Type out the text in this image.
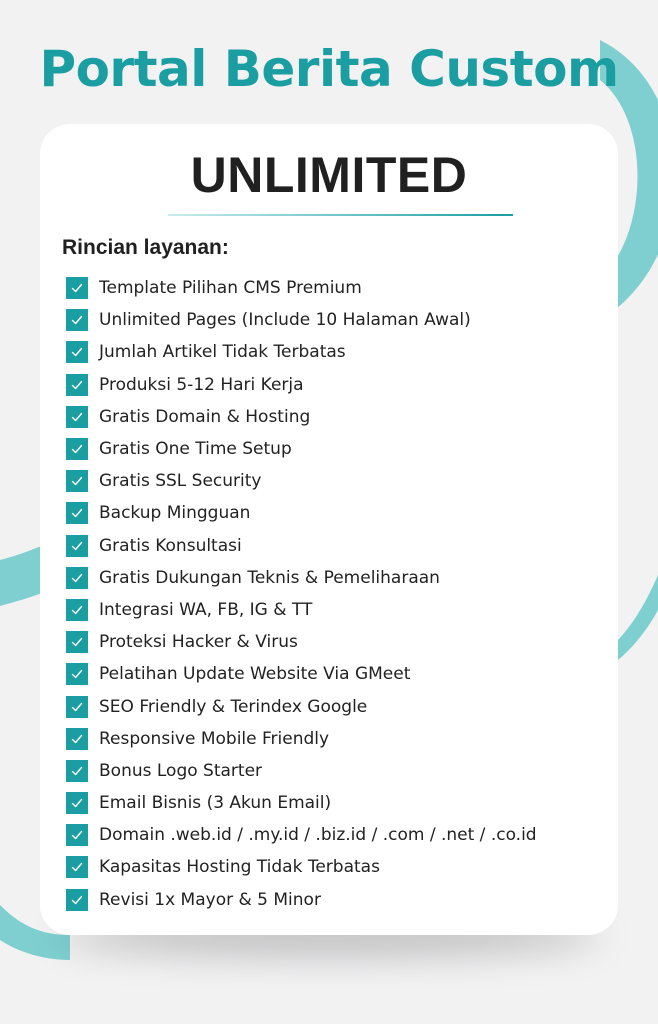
Portal Berita Custom
UNLIMITED
Rincian layanan:
Template Pilihan CMS Premium
Unlimited Pages (Include 10 Halaman Awal)
Jumlah Artikel Tidak Terbatas
Produksi 5-12 Hari Kerja
Gratis Domain & Hosting
Gratis One Time Setup
Gratis SSL Security
Backup Mingguan
Gratis Konsultasi
Gratis Dukungan Teknis & Pemeliharaan
Integrasi WA, FB, IG & TT
Proteksi Hacker & Virus
Pelatihan Update Website Via GMeet
SEO Friendly & Terindex Google
Responsive Mobile Friendly
Bonus Logo Starter
Email Bisnis (3 Akun Email)
Domain .web.id / .my.id / .biz.id / .com / .net / .co.id
Kapasitas Hosting Tidak Terbatas
Revisi 1x Mayor & 5 Minor
